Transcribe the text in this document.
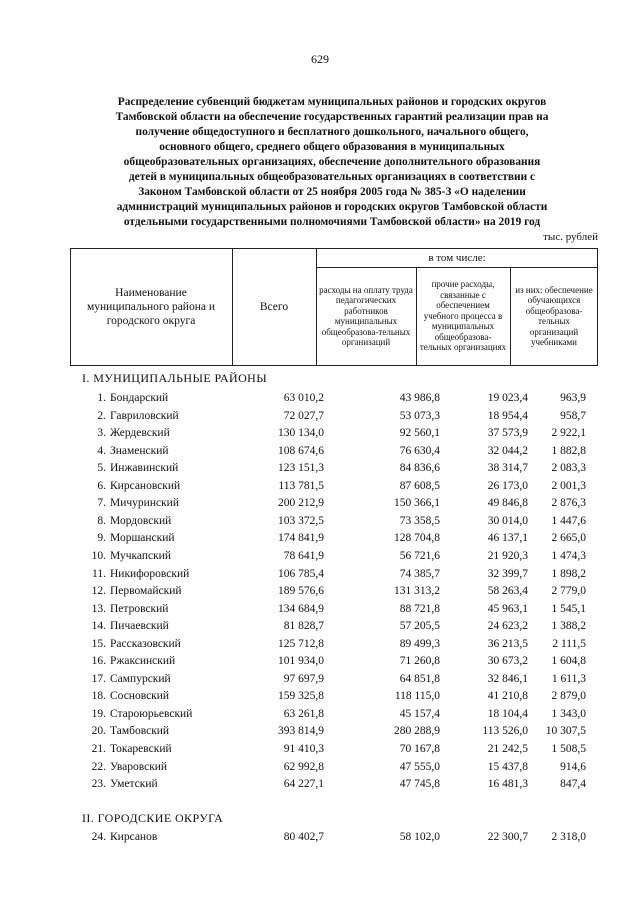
629
Распределение субвенций бюджетам муниципальных районов и городских округов
Тамбовской области на обеспечение государственных гарантий реализации прав на
получение общедоступного и бесплатного дошкольного, начального общего,
основного общего, среднего общего образования в муниципальных
общеобразовательных организациях, обеспечение дополнительного образования
детей в муниципальных общеобразовательных организациях в соответствии с
Законом Тамбовской области от 25 ноября 2005 года № 385-З «О наделении
администраций муниципальных районов и городских округов Тамбовской области
отдельными государственными полномочиями Тамбовской области» на 2019 год
тыс. рублей
Наименование муниципального района и городского округа
Всего
в том числе:
расходы на оплату труда педагогических работников муниципальных общеобразова-тельных организаций
прочие расходы, связанные с обеспечением учебного процесса в муниципальных общеобразова-тельных организациях
из них: обеспечение обучающихся общеобразова-тельных организаций учебниками
I. МУНИЦИПАЛЬНЫЕ РАЙОНЫ
1. Бондарский	63 010,2	43 986,8	19 023,4	963,9
2. Гавриловский	72 027,7	53 073,3	18 954,4	958,7
3. Жердевский	130 134,0	92 560,1	37 573,9	2 922,1
4. Знаменский	108 674,6	76 630,4	32 044,2	1 882,8
5. Инжавинский	123 151,3	84 836,6	38 314,7	2 083,3
6. Кирсановский	113 781,5	87 608,5	26 173,0	2 001,3
7. Мичуринский	200 212,9	150 366,1	49 846,8	2 876,3
8. Мордовский	103 372,5	73 358,5	30 014,0	1 447,6
9. Моршанский	174 841,9	128 704,8	46 137,1	2 665,0
10. Мучкапский	78 641,9	56 721,6	21 920,3	1 474,3
11. Никифоровский	106 785,4	74 385,7	32 399,7	1 898,2
12. Первомайский	189 576,6	131 313,2	58 263,4	2 779,0
13. Петровский	134 684,9	88 721,8	45 963,1	1 545,1
14. Пичаевский	81 828,7	57 205,5	24 623,2	1 388,2
15. Рассказовский	125 712,8	89 499,3	36 213,5	2 111,5
16. Ржаксинский	101 934,0	71 260,8	30 673,2	1 604,8
17. Сампурский	97 697,9	64 851,8	32 846,1	1 611,3
18. Сосновский	159 325,8	118 115,0	41 210,8	2 879,0
19. Староюрьевский	63 261,8	45 157,4	18 104,4	1 343,0
20. Тамбовский	393 814,9	280 288,9	113 526,0	10 307,5
21. Токаревский	91 410,3	70 167,8	21 242,5	1 508,5
22. Уваровский	62 992,8	47 555,0	15 437,8	914,6
23. Уметский	64 227,1	47 745,8	16 481,3	847,4
II. ГОРОДСКИЕ ОКРУГА
24. Кирсанов	80 402,7	58 102,0	22 300,7	2 318,0
